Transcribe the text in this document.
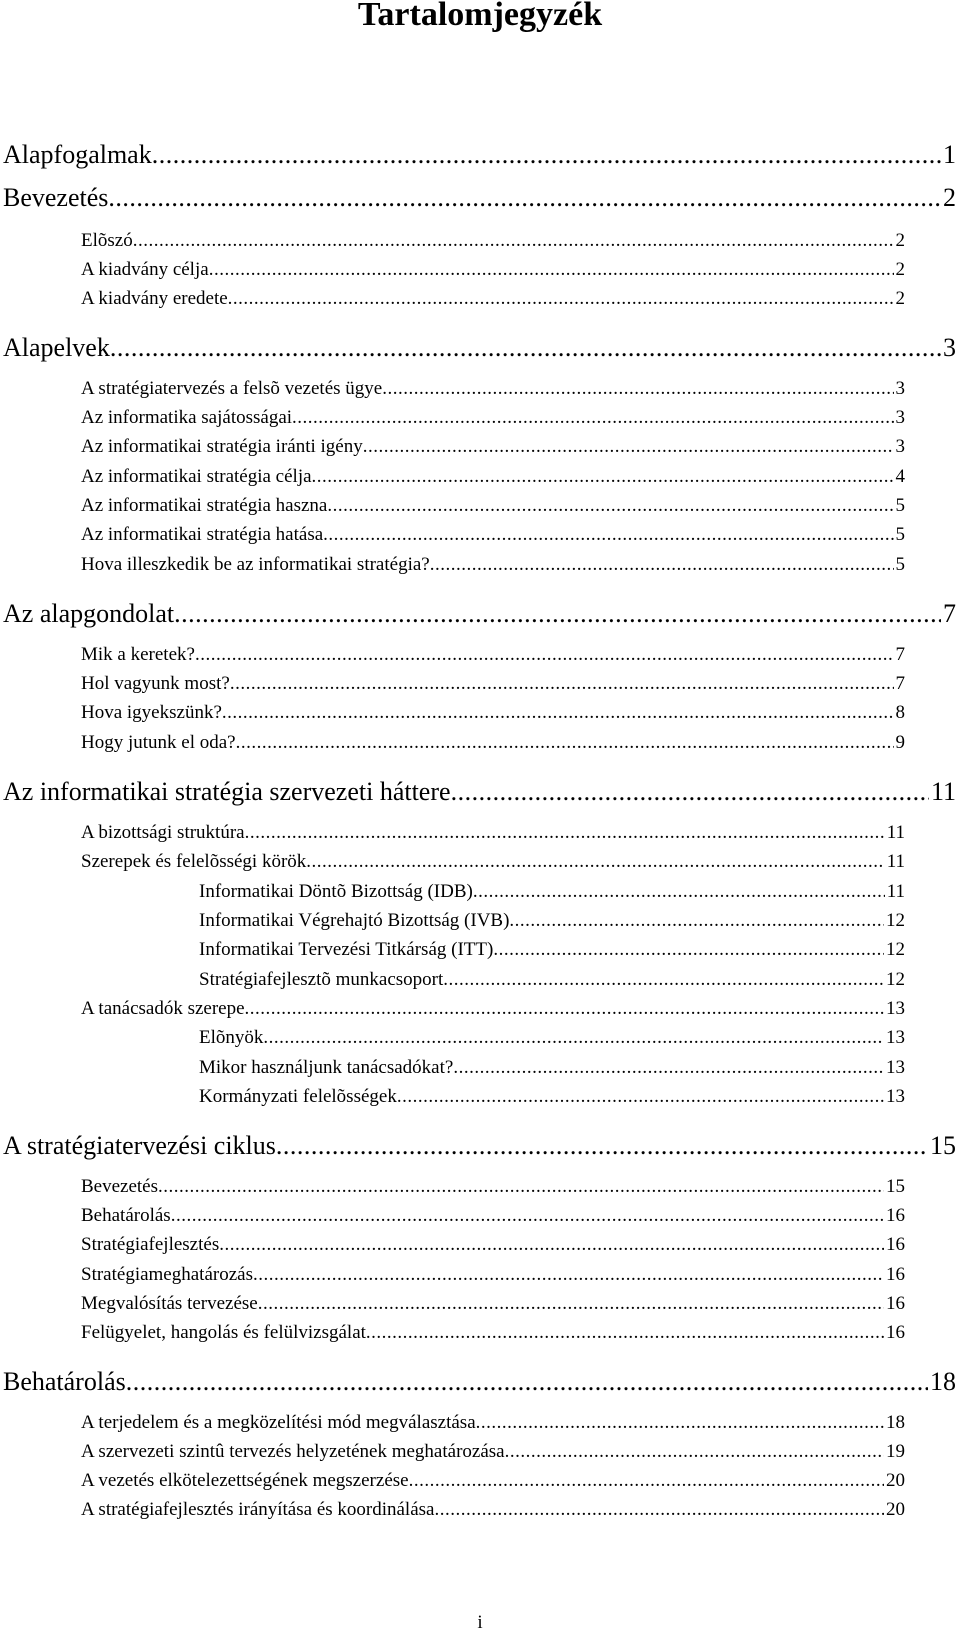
Tartalomjegyzék
Alapfogalmak .....	1
Bevezetés .....	2
Elõszó .....	2
A kiadvány célja .....	2
A kiadvány eredete .....	2
Alapelvek .....	3
A stratégiatervezés a felsõ vezetés ügye .....	3
Az informatika sajátosságai .....	3
Az informatikai stratégia iránti igény .....	3
Az informatikai stratégia célja .....	4
Az informatikai stratégia haszna .....	5
Az informatikai stratégia hatása .....	5
Hova illeszkedik be az informatikai stratégia? .....	5
Az alapgondolat .....	7
Mik a keretek? .....	7
Hol vagyunk most? .....	7
Hova igyekszünk? .....	8
Hogy jutunk el oda? .....	9
Az informatikai stratégia szervezeti háttere .....	11
A bizottsági struktúra .....	11
Szerepek és felelõsségi körök .....	11
Informatikai Döntõ Bizottság (IDB) .....	11
Informatikai Végrehajtó Bizottság (IVB) .....	12
Informatikai Tervezési Titkárság (ITT) .....	12
Stratégiafejlesztõ munkacsoport .....	12
A tanácsadók szerepe .....	13
Elõnyök .....	13
Mikor használjunk tanácsadókat? .....	13
Kormányzati felelõsségek .....	13
A stratégiatervezési ciklus .....	15
Bevezetés .....	15
Behatárolás .....	16
Stratégiafejlesztés .....	16
Stratégiameghatározás .....	16
Megvalósítás tervezése .....	16
Felügyelet, hangolás és felülvizsgálat .....	16
Behatárolás .....	18
A terjedelem és a megközelítési mód megválasztása .....	18
A szervezeti szintû tervezés helyzetének meghatározása .....	19
A vezetés elkötelezettségének megszerzése .....	20
A stratégiafejlesztés irányítása és koordinálása .....	20
i
